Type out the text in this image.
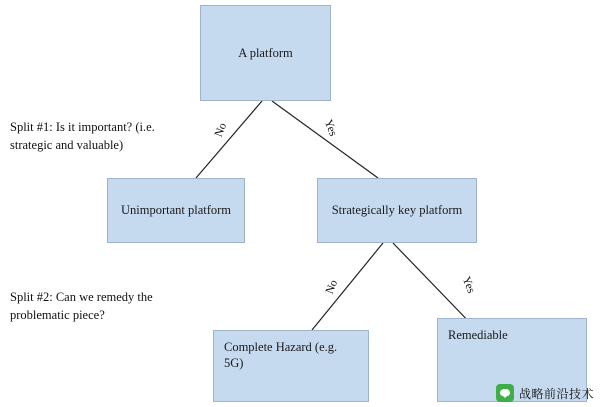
A platform
Unimportant platform	Strategically key platform
Complete Hazard (e.g. 5G)
Remediable
No	Yes
No	Yes
Split #1: Is it important? (i.e. strategic and valuable)
Split #2: Can we remedy the problematic piece?
战略前沿技术
